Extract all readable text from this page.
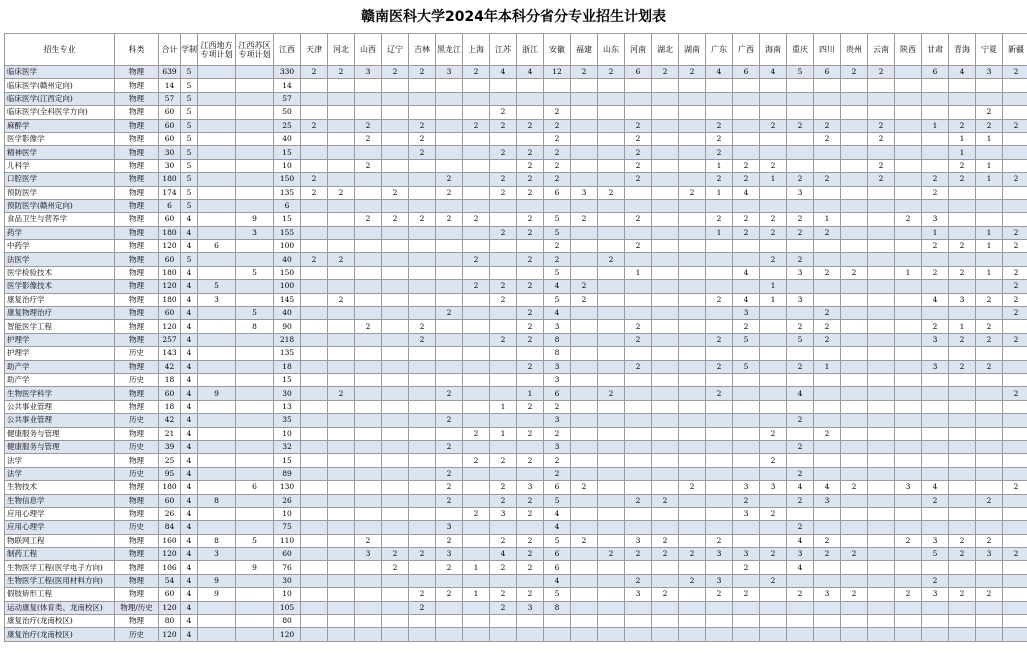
赣南医科大学2024年本科分省分专业招生计划表
招生专业	科类	合计	学制	江西地方专项计划	江西苏区专项计划	江西	天津	河北	山西	辽宁	吉林	黑龙江	上海	江苏	浙江	安徽	福建	山东	河南	湖北	湖南	广东	广西	海南	重庆	四川	贵州	云南	陕西	甘肃	青海	宁夏	新疆
临床医学	物理	639	5			330	2	2	3	2	2	3	2	4	4	12	2	2	6	2	2	4	6	4	5	6	2	2		6	4	3	2
临床医学(赣州定向)	物理	14	5			14																											
临床医学(江西定向)	物理	57	5			57																											
临床医学(全科医学方向)	物理	60	5			50								2		2																2	
麻醉学	物理	60	5			25	2		2		2		2	2	2	2			2			2		2	2	2		2		1	2	2	2
医学影像学	物理	60	5			40			2		2					2			2			2				2		2			1	1	
精神医学	物理	30	5			15					2			2	2	2			2			2									1		
儿科学	物理	30	5			10			2						2	2			2			1	2	2				2			2	1	
口腔医学	物理	180	5			150	2					2		2	2	2			2			2	2	1	2	2		2		2	2	1	2
预防医学	物理	174	5			135	2	2		2		2		2	2	6	3	2			2	1	4		3					2			
预防医学(赣州定向)	物理	6	5			6																											
食品卫生与营养学	物理	60	4		9	15			2	2	2	2	2		2	5	2		2			2	2	2	2	1			2	3			
药学	物理	180	4		3	155								2	2	5						1	2	2	2	2				1		1	2
中药学	物理	120	4	6		100										2			2											2	2	1	2
法医学	物理	60	5			40	2	2					2		2	2		2						2	2								
医学检验技术	物理	180	4		5	150										5			1				4		3	2	2		1	2	2	1	2
医学影像技术	物理	120	4	5		100							2	2	2	4	2							1									2
康复治疗学	物理	180	4	3		145		2						2		5	2					2	4	1	3					4	3	2	2
康复物理治疗	物理	60	4		5	40						2			2	4							3			2							2
智能医学工程	物理	120	4		8	90			2		2				2	3			2				2		2	2				2	1	2	
护理学	物理	257	4			218					2			2	2	8			2			2	5		5	2				3	2	2	2
护理学	历史	143	4			135										8																	
助产学	物理	42	4			18									2	3			2			2	5		2	1				3	2	2	
助产学	历史	18	4			15										3																	
生物医学科学	物理	60	4	9		30		2				2			1	6		2				2			4								2
公共事业管理	物理	18	4			13								1	2	2																	
公共事业管理	历史	42	4			35						2				3									2								
健康服务与管理	物理	21	4			10							2	1	2	2								2		2							
健康服务与管理	历史	39	4			32						2				3									2								
法学	物理	25	4			15							2	2	2	2								2									
法学	历史	95	4			89						2				2									2								
生物技术	物理	180	4		6	130						2		2	3	6	2				2		3	3	4	4	2		3	4			2
生物信息学	物理	60	4	8		26						2		2	2	5			2	2			2		2	3				2		2	
应用心理学	物理	26	4			10							2	3	2	4							3	2									
应用心理学	历史	84	4			75						3				4									2								
物联网工程	物理	160	4	8	5	110			2			2		2	2	5	2		3	2		2			4	2			2	3	2	2	
制药工程	物理	120	4	3		60			3	2	2	3		4	2	6		2	2	2	2	3	3	2	3	2	2			5	2	3	2
生物医学工程(医学电子方向)	物理	106	4		9	76				2		2	1	2	2	6							2		4								
生物医学工程(医用材料方向)	物理	54	4	9		30										4			2		2	3		2						2			
假肢矫形工程	物理	60	4	9		10					2	2	1	2	2	5			3	2		2	2		2	3	2		2	3	2	2	
运动康复(体育类、龙南校区)	物理/历史	120	4			105					2			2	3	8																	
康复治疗(龙南校区)	物理	80	4			80																											
康复治疗(龙南校区)	历史	120	4			120																											
